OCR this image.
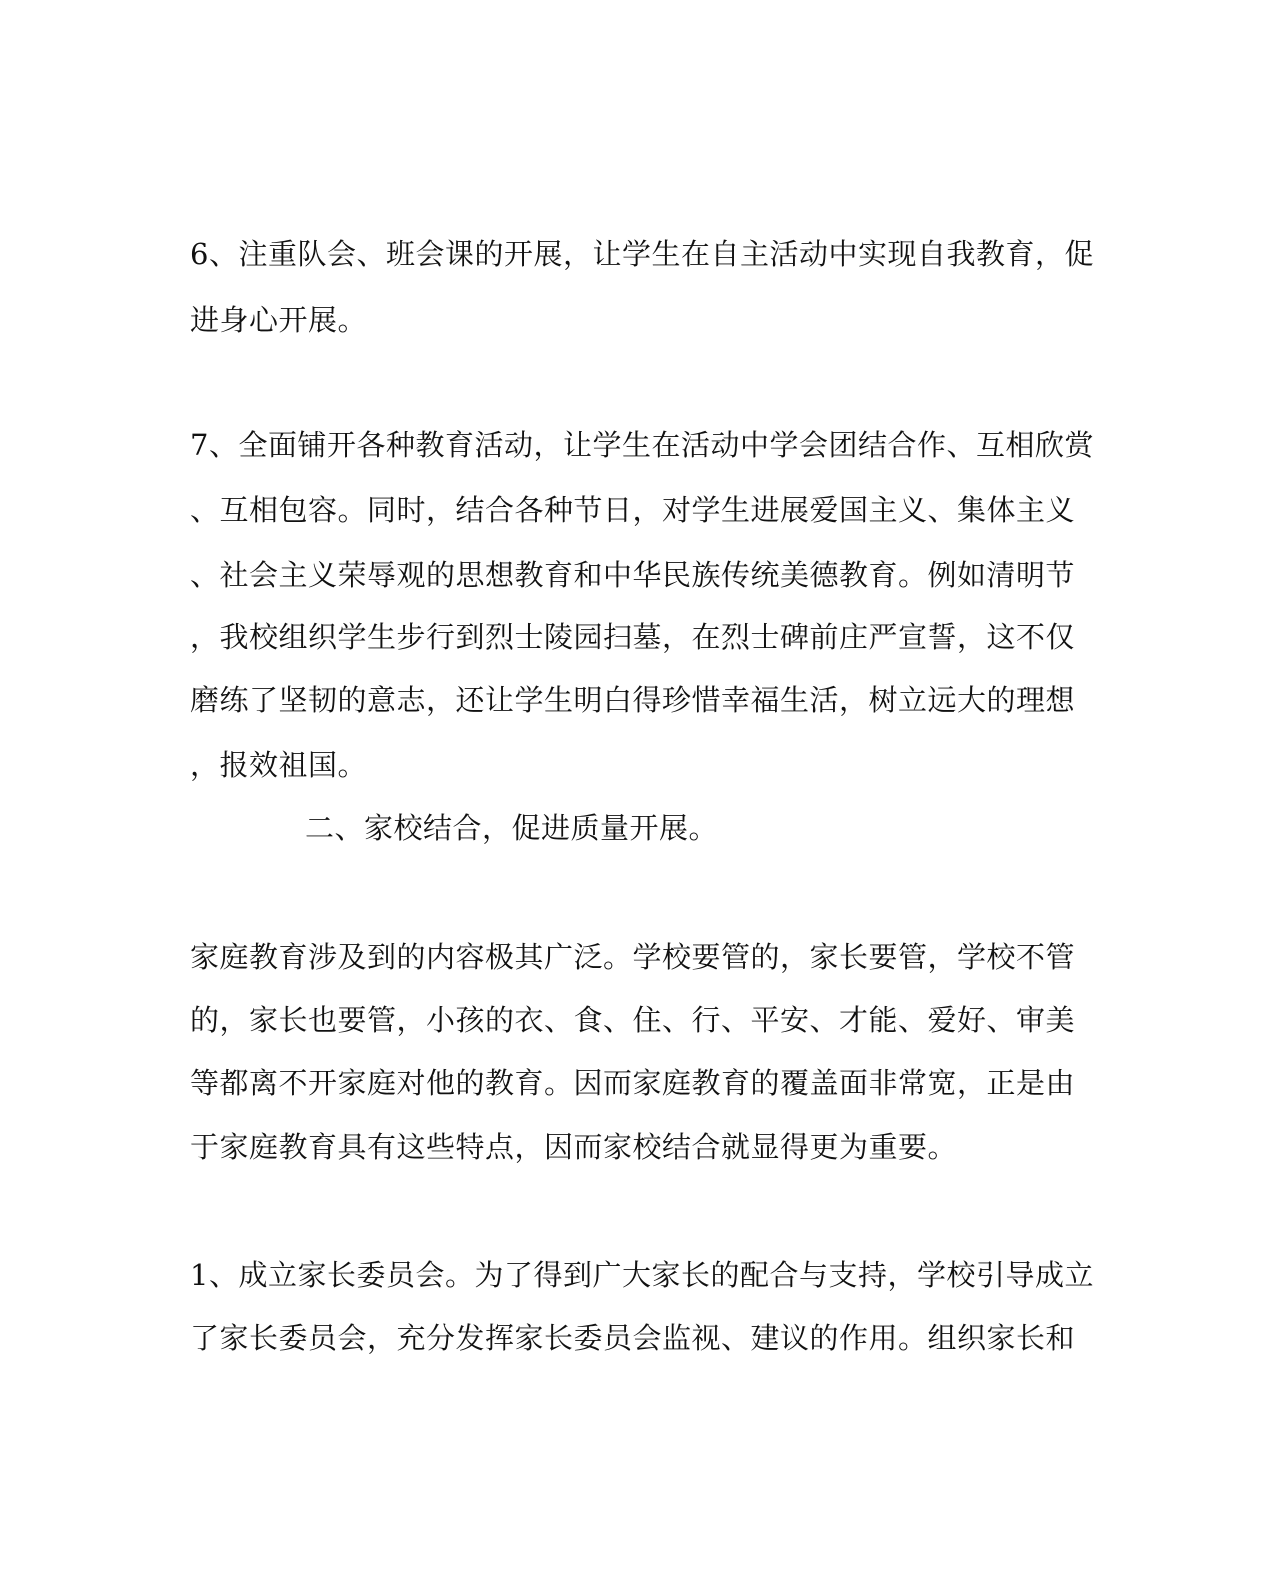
6、注重队会、班会课的开展，让学生在自主活动中实现自我教育，促
进身心开展。
7、全面铺开各种教育活动，让学生在活动中学会团结合作、互相欣赏
、互相包容。同时，结合各种节日，对学生进展爱国主义、集体主义
、社会主义荣辱观的思想教育和中华民族传统美德教育。例如清明节
，我校组织学生步行到烈士陵园扫墓，在烈士碑前庄严宣誓，这不仅
磨练了坚韧的意志，还让学生明白得珍惜幸福生活，树立远大的理想
，报效祖国。
二、家校结合，促进质量开展。
家庭教育涉及到的内容极其广泛。学校要管的，家长要管，学校不管
的，家长也要管，小孩的衣、食、住、行、平安、才能、爱好、审美
等都离不开家庭对他的教育。因而家庭教育的覆盖面非常宽，正是由
于家庭教育具有这些特点，因而家校结合就显得更为重要。
1、成立家长委员会。为了得到广大家长的配合与支持，学校引导成立
了家长委员会，充分发挥家长委员会监视、建议的作用。组织家长和
